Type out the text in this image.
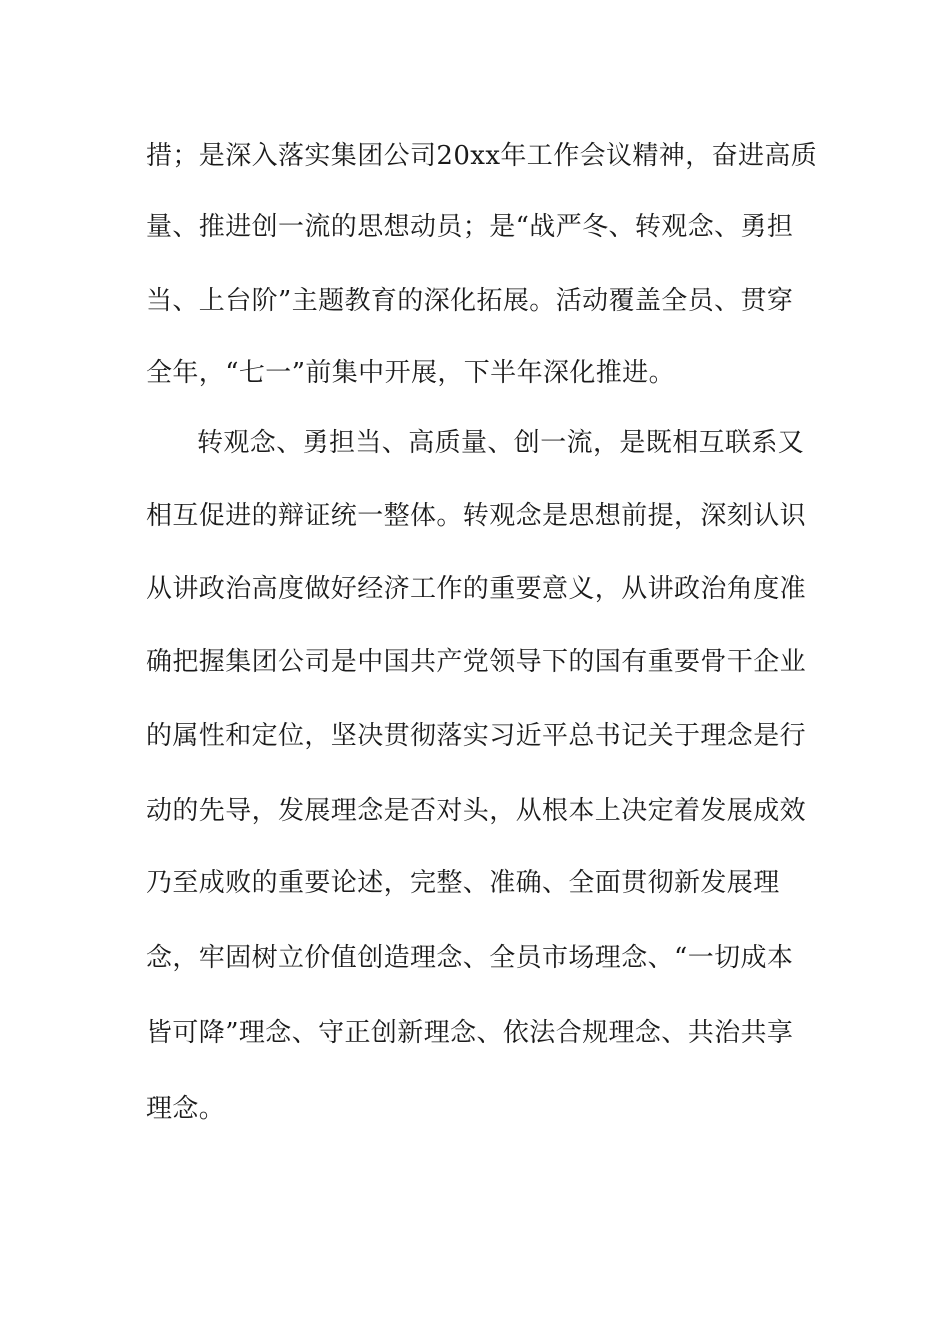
措；是深入落实集团公司20xx年工作会议精神，奋进高质
量、推进创一流的思想动员；是“战严冬、转观念、勇担
当、上台阶”主题教育的深化拓展。活动覆盖全员、贯穿
全年，“七一”前集中开展，下半年深化推进。
转观念、勇担当、高质量、创一流，是既相互联系又
相互促进的辩证统一整体。转观念是思想前提，深刻认识
从讲政治高度做好经济工作的重要意义，从讲政治角度准
确把握集团公司是中国共产党领导下的国有重要骨干企业
的属性和定位，坚决贯彻落实习近平总书记关于理念是行
动的先导，发展理念是否对头，从根本上决定着发展成效
乃至成败的重要论述，完整、准确、全面贯彻新发展理
念，牢固树立价值创造理念、全员市场理念、“一切成本
皆可降”理念、守正创新理念、依法合规理念、共治共享
理念。
